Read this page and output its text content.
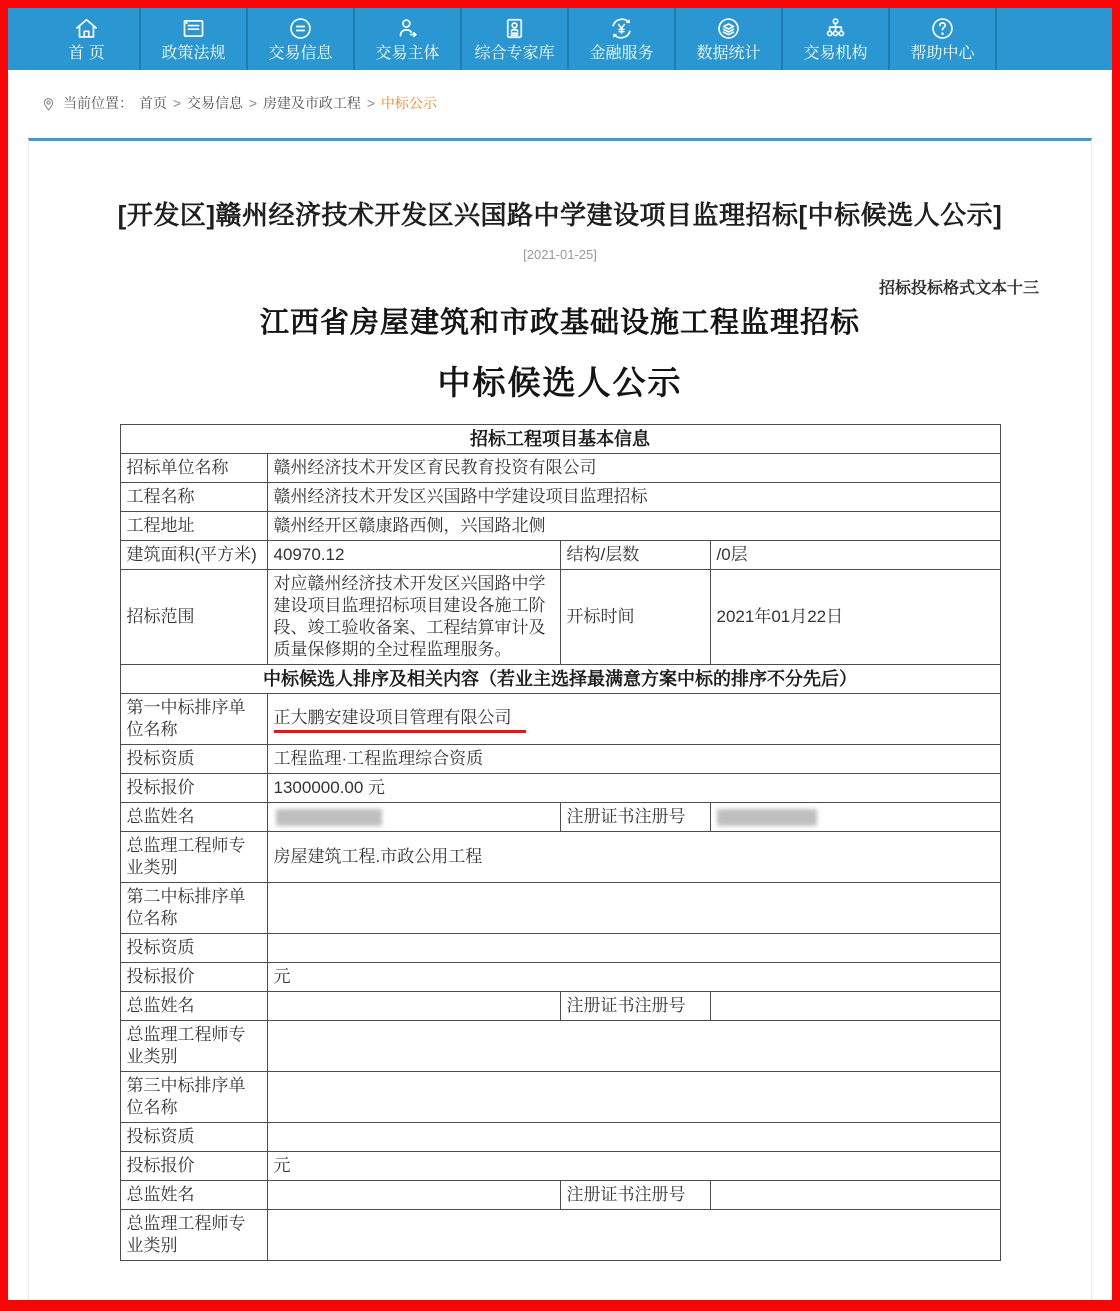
首 页	政策法规	交易信息	交易主体 综合专家库 金融服务	数据统计	交易机构	帮助中心
当前位置： 首页 > 交易信息 > 房建及市政工程 > 中标公示
[开发区]赣州经济技术开发区兴国路中学建设项目监理招标[中标候选人公示]
[2021-01-25]
招标投标格式文本十三
江西省房屋建筑和市政基础设施工程监理招标
中标候选人公示
招标工程项目基本信息			
招标单位名称	赣州经济技术开发区育民教育投资有限公司		
工程名称	赣州经济技术开发区兴国路中学建设项目监理招标		
工程地址	赣州经开区赣康路西侧，兴国路北侧		
建筑面积(平方米)	40970.12	结构/层数	/0层
招标范围	对应赣州经济技术开发区兴国路中学建设项目监理招标项目建设各施工阶段、竣工验收备案、工程结算审计及质量保修期的全过程监理服务。	开标时间	2021年01月22日
中标候选人排序及相关内容（若业主选择最满意方案中标的排序不分先后）			
第一中标排序单位名称	正大鹏安建设项目管理有限公司		
投标资质	工程监理·工程监理综合资质		
投标报价	1300000.00 元		
总监姓名		注册证书注册号	
总监理工程师专业类别	房屋建筑工程.市政公用工程		
第二中标排序单位名称			
投标资质			
投标报价	元		
总监姓名		注册证书注册号	
总监理工程师专业类别			
第三中标排序单位名称			
投标资质			
投标报价	元		
总监姓名		注册证书注册号	
总监理工程师专业类别			
